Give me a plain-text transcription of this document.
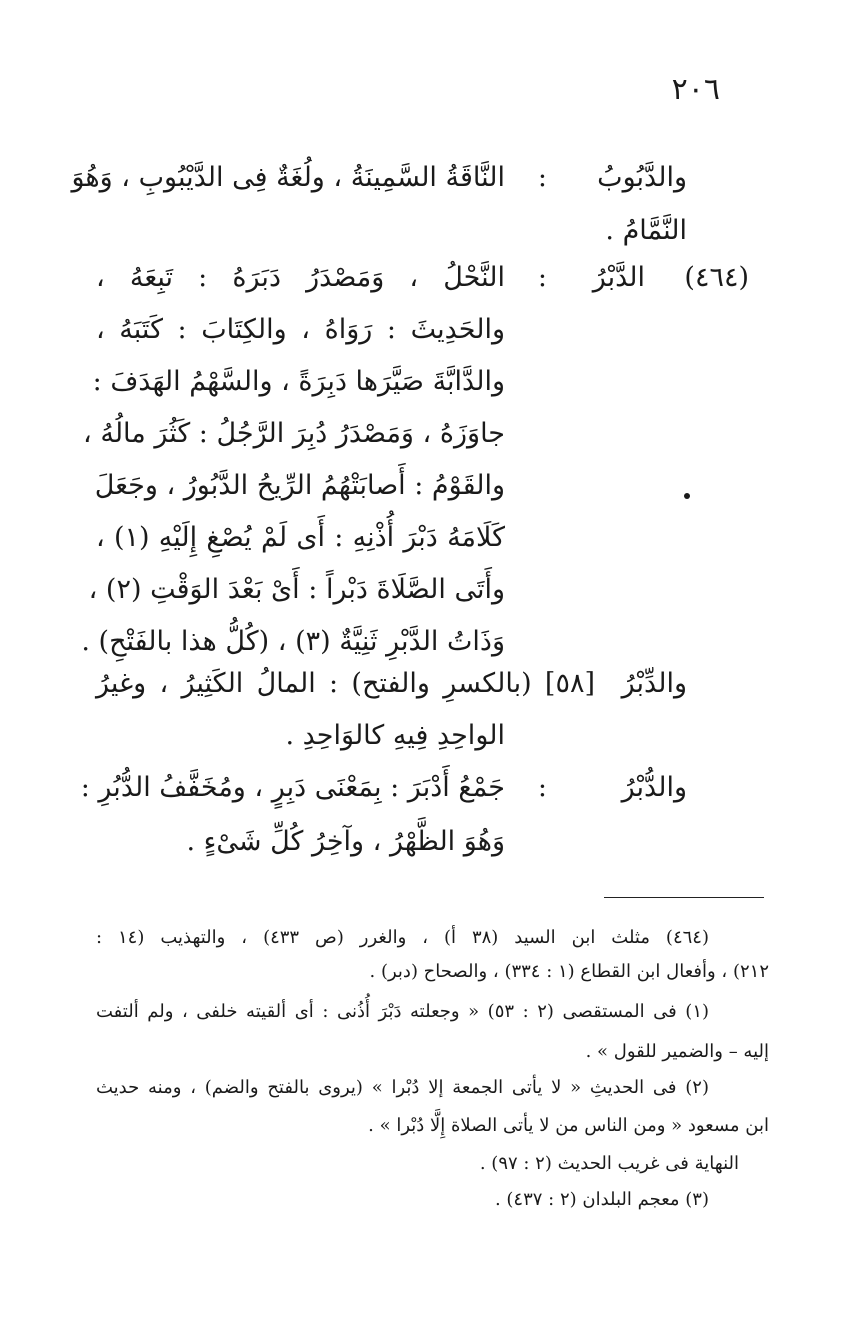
٢٠٦
والدَّبُوبُ
:
النَّاقَةُ السَّمِينَةُ ، ولُغَةٌ فِى الدَّيْبُوبِ ، وَهُوَ
النَّمَّامُ .
(٤٦٤)
الدَّبْرُ
:
النَّحْلُ ، وَمَصْدَرُ دَبَرَهُ : تَبِعَهُ ،
والحَدِيثَ : رَوَاهُ ، والكِتَابَ : كَتَبَهُ ،
والدَّابَّةَ صَيَّرَها دَبِرَةً ، والسَّهْمُ الهَدَفَ :
جاوَزَهُ ، وَمَصْدَرُ دُبِرَ الرَّجُلُ : كَثُرَ مالُهُ ،
والقَوْمُ : أَصابَتْهُمُ الرِّيحُ الدَّبُورُ ، وجَعَلَ
كَلَامَهُ دَبْرَ أُذْنِهِ : أَى لَمْ يُصْغِ إِلَيْهِ (١) ،
وأَتَى الصَّلَاةَ دَبْراً : أَىْ بَعْدَ الوَقْتِ (٢) ،
وَذَاتُ الدَّبْرِ ثَنِيَّةٌ (٣) ، (كُلُّ هذا بالفَتْحِ) .
والدِّبْرُ
[٥٨] (بالكسرِ والفتح) : المالُ الكَثِيرُ ، وغيرُ
الواحِدِ فِيهِ كالوَاحِدِ .
والدُّبْرُ
:
جَمْعُ أَدْبَرَ : بِمَعْنَى دَبِرٍ ، ومُخَفَّفُ الدُّبُرِ :
وَهُوَ الظَّهْرُ ، وآخِرُ كُلِّ شَىْءٍ .
(٤٦٤) مثلث ابن السيد (٣٨ أ) ، والغرر (ص ٤٣٣) ، والتهذيب (١٤ :
٢١٢) ، وأفعال ابن القطاع (١ : ٣٣٤) ، والصحاح (دبر) .
(١) فى المستقصى (٢ : ٥٣) « وجعلته دَبْرَ أُذُنى : أى ألقيته خلفى ، ولم ألتفت
إليه – والضمير للقول » .
(٢) فى الحديثِ « لا يأتى الجمعة إلا دُبْرا » (يروى بالفتح والضم) ، ومنه حديث
ابن مسعود « ومن الناس من لا يأتى الصلاة إِلَّا دُبْرا » .
النهاية فى غريب الحديث (٢ : ٩٧) .
(٣) معجم البلدان (٢ : ٤٣٧) .
